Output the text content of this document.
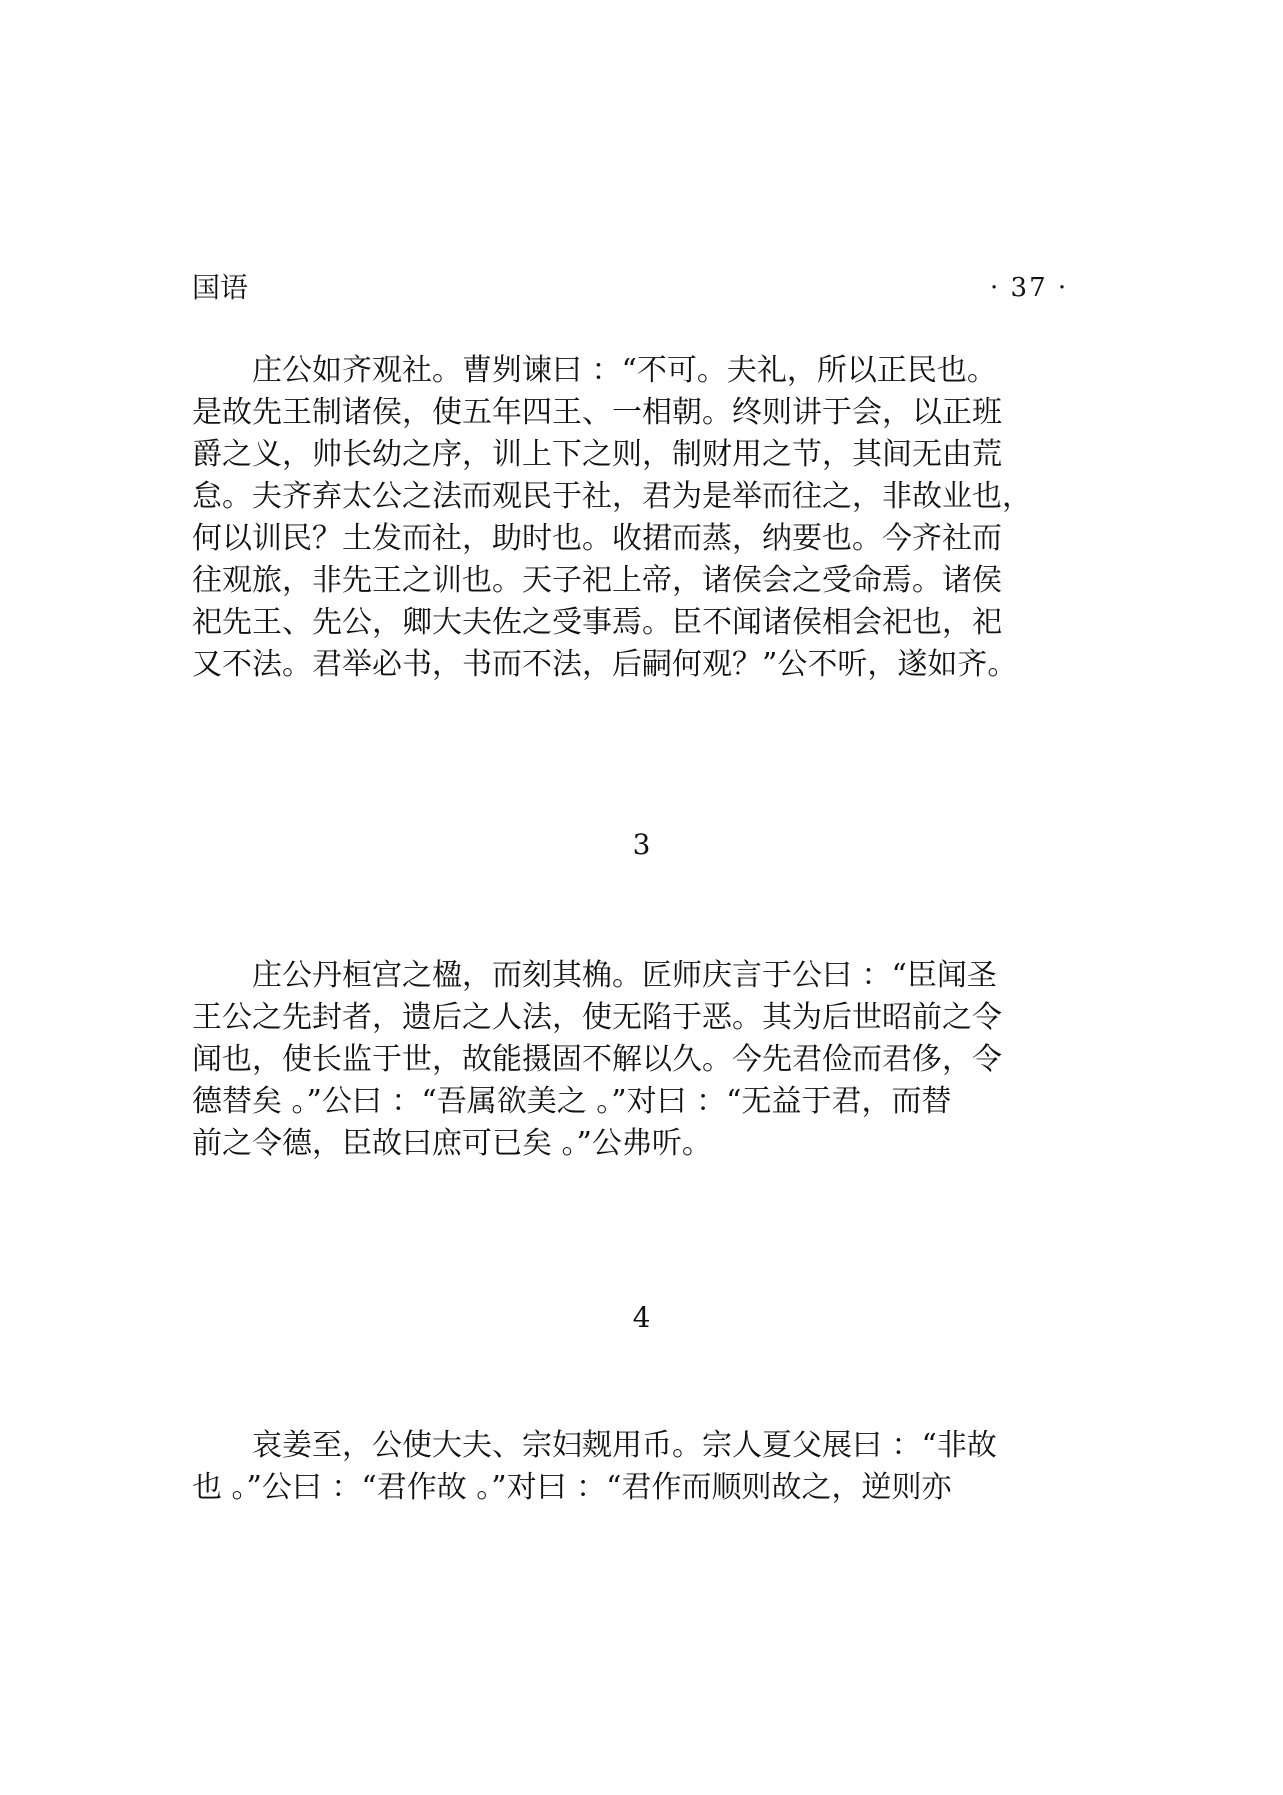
国语	· 37 ·
　　庄公如齐观社。曹刿谏曰 ：“不可。夫礼，所以正民也。
是故先王制诸侯，使五年四王、一相朝。终则讲于会，以正班
爵之义，帅长幼之序，训上下之则，制财用之节，其间无由荒
怠。夫齐弃太公之法而观民于社，君为是举而往之，非故业也，
何以训民？土发而社，助时也。收捃而蒸，纳要也。今齐社而
往观旅，非先王之训也。天子祀上帝，诸侯会之受命焉。诸侯
祀先王、先公，卿大夫佐之受事焉。臣不闻诸侯相会祀也，祀
又不法。君举必书，书而不法，后嗣何观？”公不听，遂如齐。
3
　　庄公丹桓宫之楹，而刻其桷。匠师庆言于公曰 ：“臣闻圣
王公之先封者，遗后之人法，使无陷于恶。其为后世昭前之令
闻也，使长监于世，故能摄固不解以久。今先君俭而君侈，令
德替矣 。”公曰 ：“吾属欲美之 。”对曰 ：“无益于君，而替
前之令德，臣故曰庶可已矣 。”公弗听。
4
　　哀姜至，公使大夫、宗妇觌用币。宗人夏父展曰 ：“非故
也 。”公曰 ：“君作故 。”对曰 ：“君作而顺则故之，逆则亦
